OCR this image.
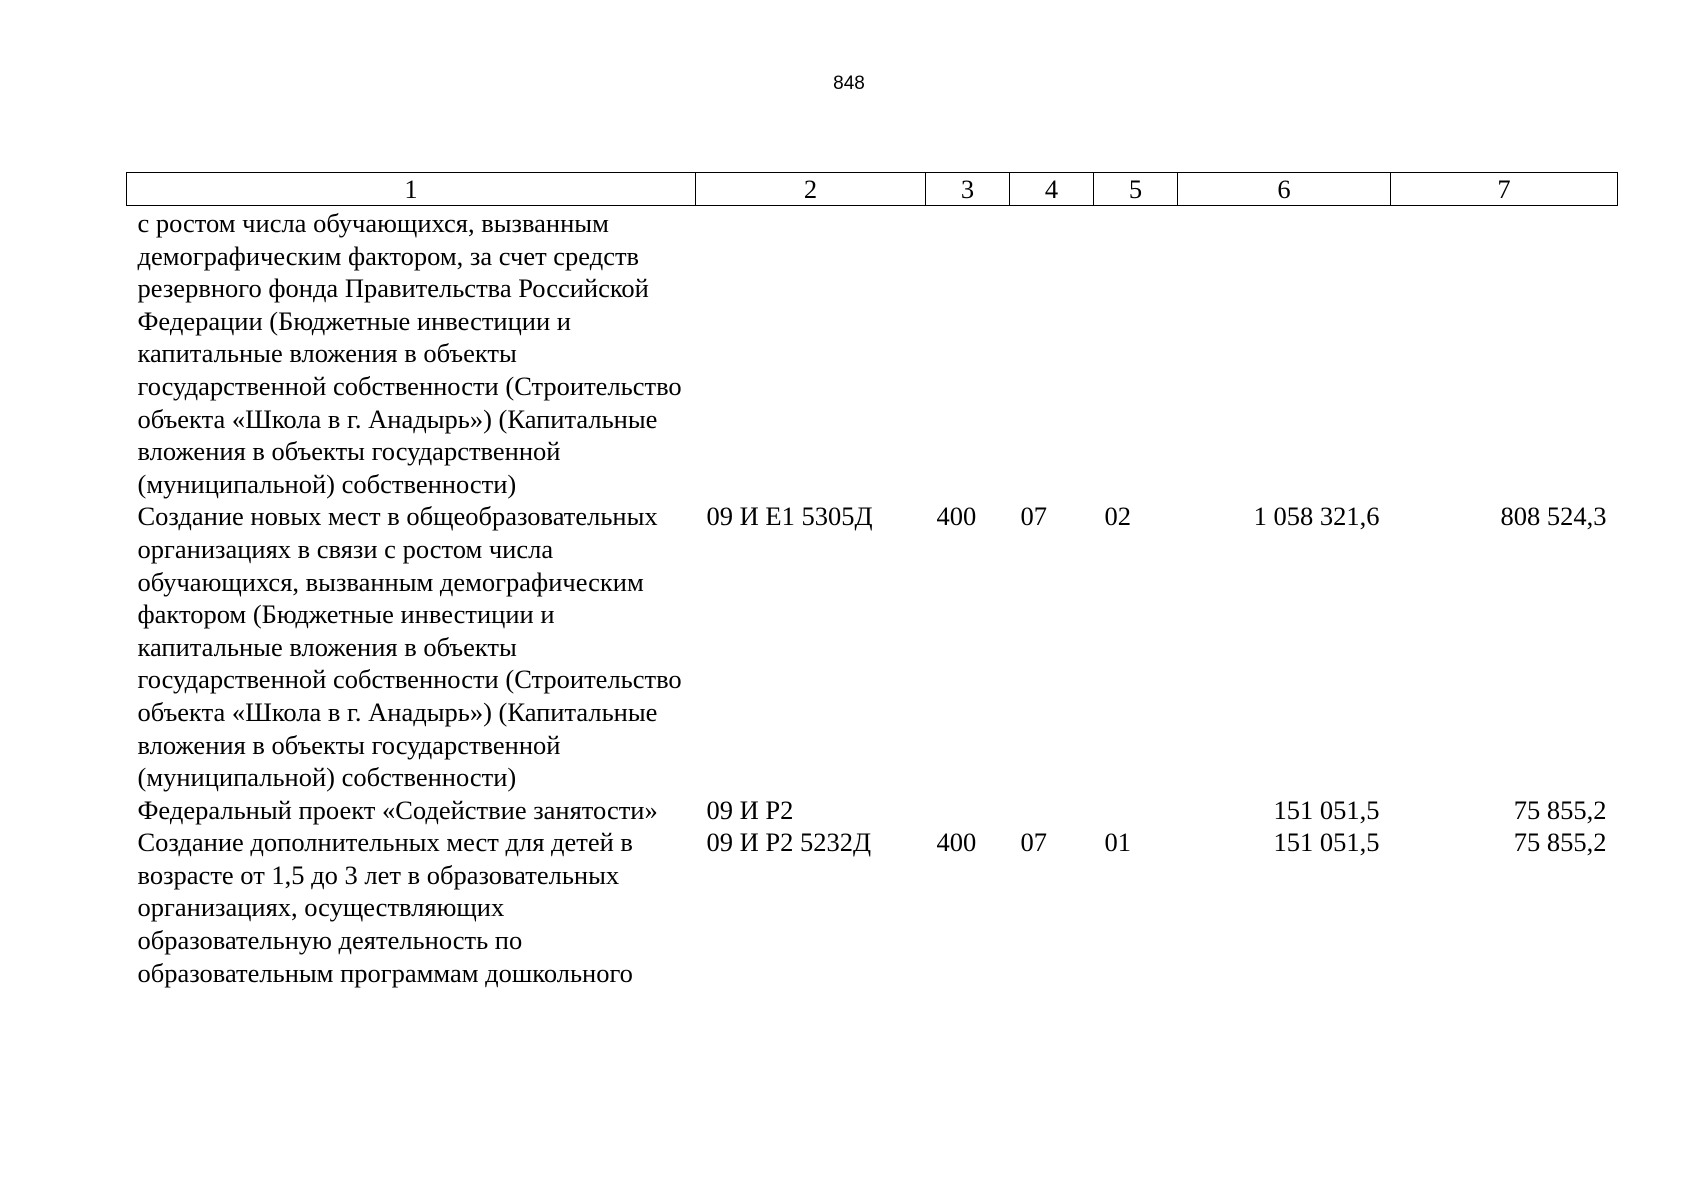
848
1	2	3	4	5	6	7
с ростом числа обучающихся, вызванным демографическим фактором, за счет средств резервного фонда Правительства Российской Федерации (Бюджетные инвестиции и капитальные вложения в объекты государственной собственности (Строительство объекта «Школа в г. Анадырь») (Капитальные вложения в объекты государственной (муниципальной) собственности)						
Создание новых мест в общеобразовательных организациях в связи с ростом числа обучающихся, вызванным демографическим фактором (Бюджетные инвестиции и капитальные вложения в объекты государственной собственности (Строительство объекта «Школа в г. Анадырь») (Капитальные вложения в объекты государственной (муниципальной) собственности)	09 И Е1 5305Д	400	07	02	1 058 321,6	808 524,3
Федеральный проект «Содействие занятости»	09 И Р2				151 051,5	75 855,2
Создание дополнительных мест для детей в возрасте от 1,5 до 3 лет в образовательных организациях, осуществляющих образовательную деятельность по образовательным программам дошкольного	09 И Р2 5232Д	400	07	01	151 051,5	75 855,2
